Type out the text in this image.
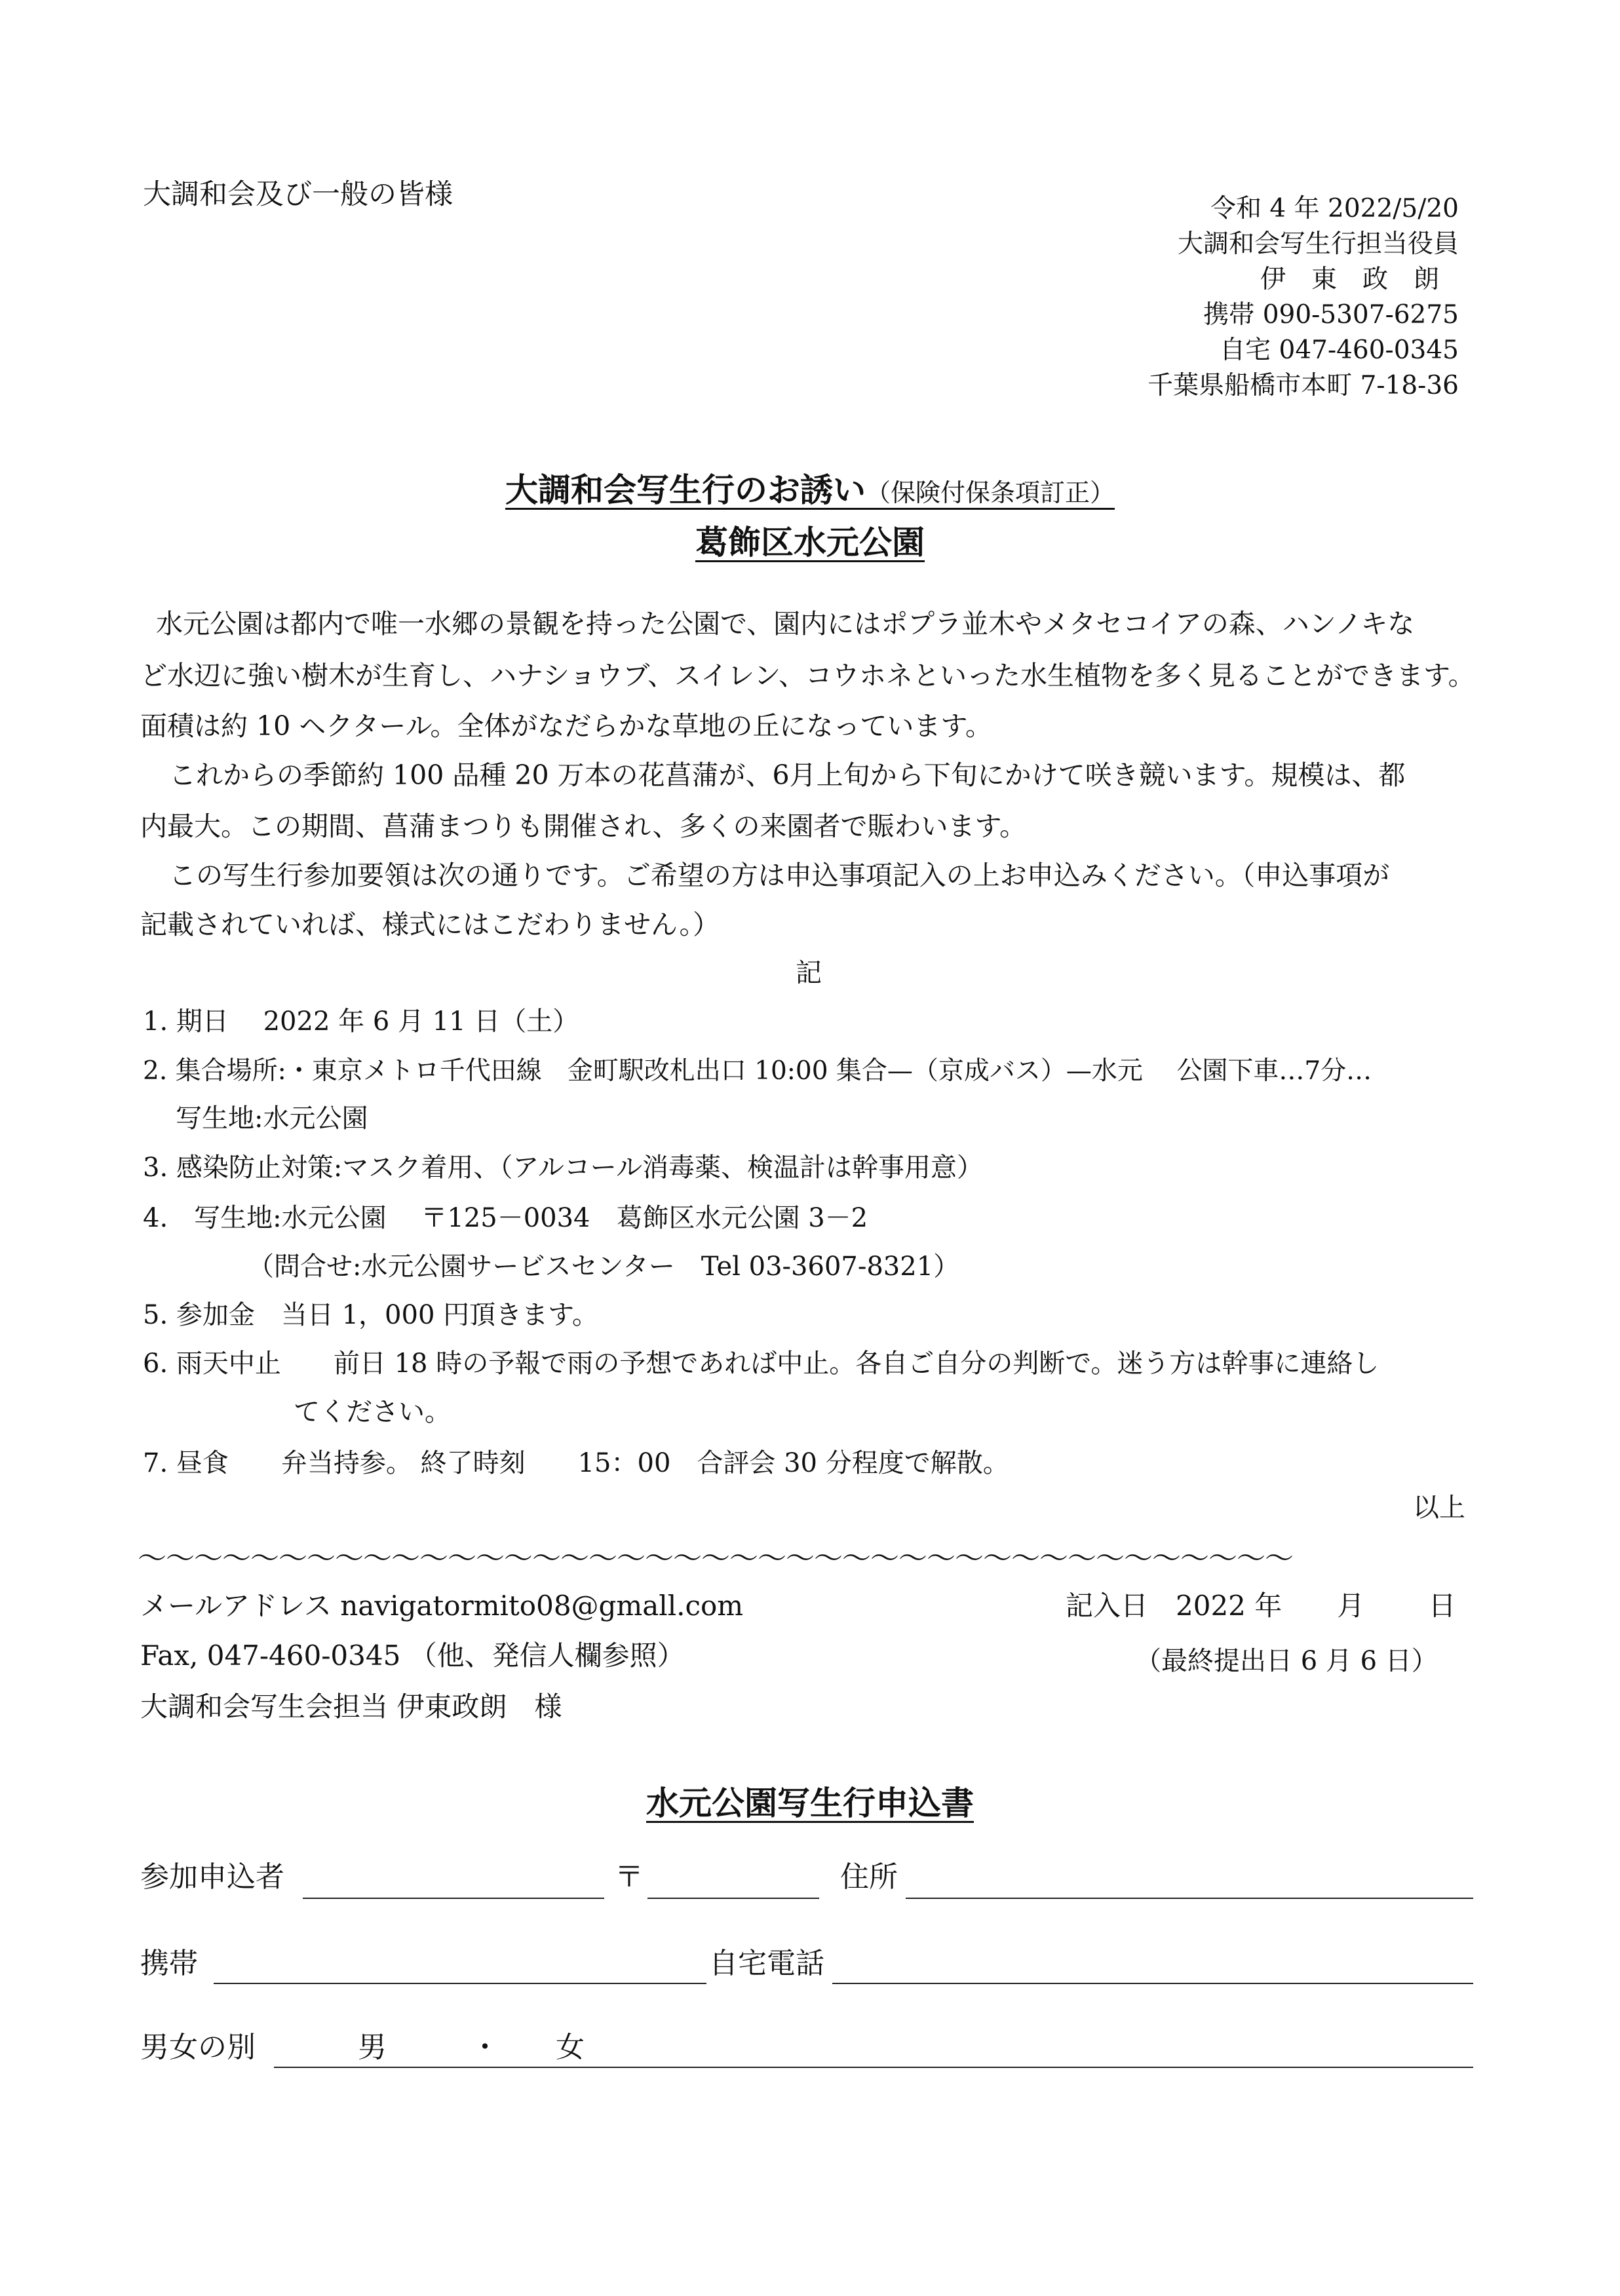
大調和会及び一般の皆様	令和 4 年 2022/5/20
大調和会写生行担当役員
伊　東　政　朗
携帯 090-5307-6275
自宅 047-460-0345
千葉県船橋市本町 7-18-36
大調和会写生行のお誘い（保険付保条項訂正）
葛飾区水元公園
水元公園は都内で唯一水郷の景観を持った公園で、園内にはポプラ並木やメタセコイアの森、ハンノキな
ど水辺に強い樹木が生育し、ハナショウブ、スイレン、コウホネといった水生植物を多く見ることができます。
面積は約 10 ヘクタール。全体がなだらかな草地の丘になっています。
これからの季節約 100 品種 20 万本の花菖蒲が、6月上旬から下旬にかけて咲き競います。規模は、都
内最大。この期間、菖蒲まつりも開催され、多くの来園者で賑わいます。
この写生行参加要領は次の通りです。ご希望の方は申込事項記入の上お申込みください。（申込事項が
記載されていれば、様式にはこだわりません。）
記
1. 期日　 2022 年 6 月 11 日（土）
2. 集合場所:・東京メトロ千代田線　金町駅改札出口 10:00 集合—（京成バス）—水元　 公園下車…7分…
写生地:水元公園
3. 感染防止対策:マスク着用、（アルコール消毒薬、検温計は幹事用意）
4.　写生地:水元公園　 〒125－0034　葛飾区水元公園 3－2
（問合せ:水元公園サービスセンター　Tel 03-3607-8321）
5. 参加金　当日 1，000 円頂きます。
6. 雨天中止　　前日 18 時の予報で雨の予想であれば中止。各自ご自分の判断で。迷う方は幹事に連絡し
てください。
7. 昼食　　弁当持参。 終了時刻　　15：00　合評会 30 分程度で解散。
以上
～～～～～～～～～～～～～～～～～～～～～～～～～～～～～～～～～～～～～～～～～
メールアドレス navigatormito08@gmall.com
Fax, 047-460-0345 （他、発信人欄参照）
大調和会写生会担当 伊東政朗　様
記入日　2022 年　　月　　 日
（最終提出日 6 月 6 日）
水元公園写生行申込書
参加申込者	〒	住所
携帯	自宅電話
男女の別	男	・ 女
